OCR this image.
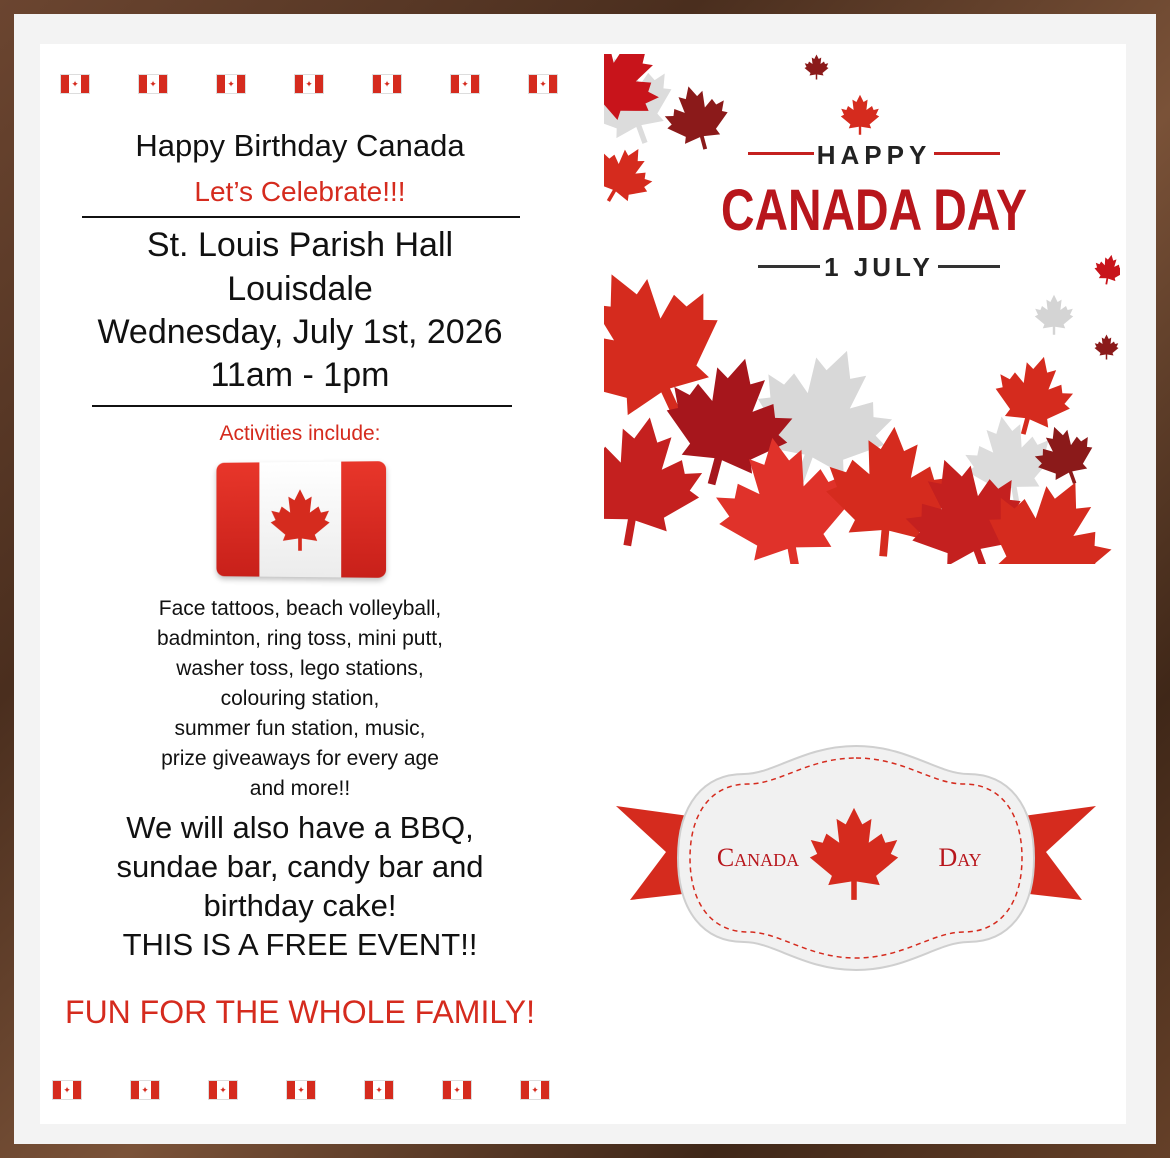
✦	✦	✦	✦	✦	✦	✦
Happy Birthday Canada
Let’s Celebrate!!!
St. Louis Parish Hall
Louisdale
Wednesday, July 1st, 2026
11am - 1pm
Activities include:
Face tattoos, beach volleyball,
badminton, ring toss, mini putt,
washer toss, lego stations,
colouring station,
summer fun station, music,
prize giveaways for every age
and more!!
We will also have a BBQ,
sundae bar, candy bar and
birthday cake!
THIS IS A FREE EVENT!!
FUN FOR THE WHOLE FAMILY!
✦	✦	✦	✦	✦	✦	✦
HAPPY
CANADA DAY
1 JULY
Canada	Day
